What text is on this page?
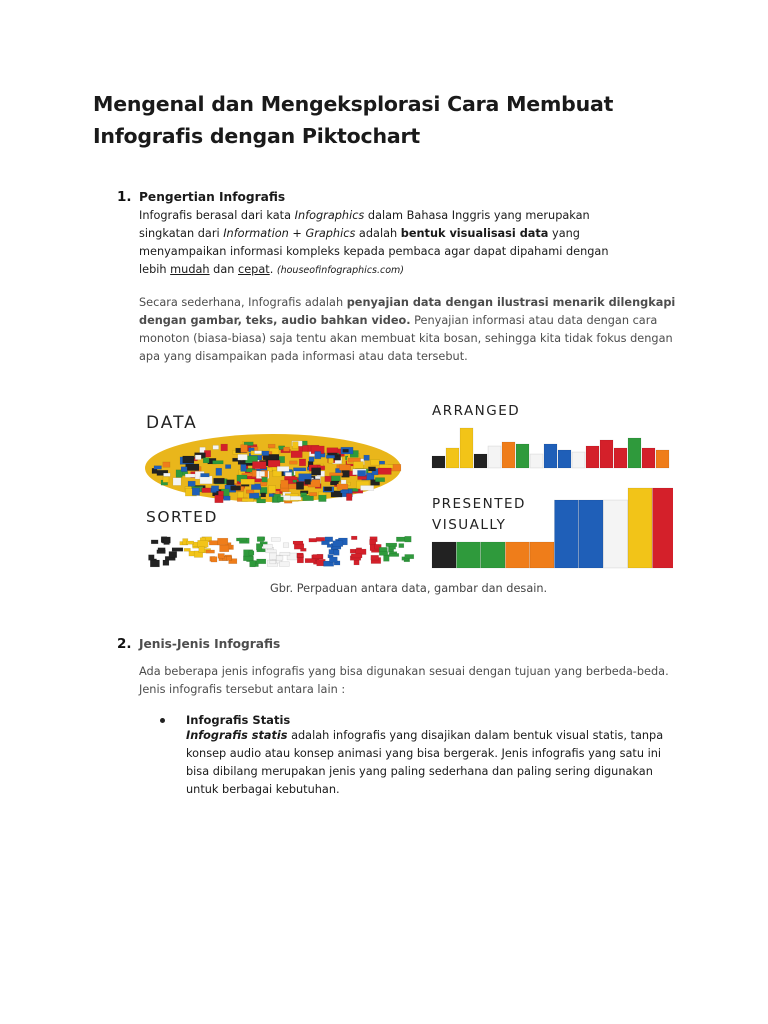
Mengenal dan Mengeksplorasi Cara Membuat
Infografis dengan Piktochart
1. Pengertian Infografis
Infografis berasal dari kata Infographics dalam Bahasa Inggris yang merupakan
singkatan dari Information + Graphics adalah bentuk visualisasi data yang
menyampaikan informasi kompleks kepada pembaca agar dapat dipahami dengan
lebih mudah dan cepat. (houseofinfographics.com)
Secara sederhana, Infografis adalah penyajian data dengan ilustrasi menarik dilengkapi
dengan gambar, teks, audio bahkan video. Penyajian informasi atau data dengan cara
monoton (biasa-biasa) saja tentu akan membuat kita bosan, sehingga kita tidak fokus dengan
apa yang disampaikan pada informasi atau data tersebut.
DATA
SORTED
ARRANGED
PRESENTED
VISUALLY
Gbr. Perpaduan antara data, gambar dan desain.
2. Jenis-Jenis Infografis
Ada beberapa jenis infografis yang bisa digunakan sesuai dengan tujuan yang berbeda-beda.
Jenis infografis tersebut antara lain :
Infografis Statis
Infografis statis adalah infografis yang disajikan dalam bentuk visual statis, tanpa
konsep audio atau konsep animasi yang bisa bergerak. Jenis infografis yang satu ini
bisa dibilang merupakan jenis yang paling sederhana dan paling sering digunakan
untuk berbagai kebutuhan.
